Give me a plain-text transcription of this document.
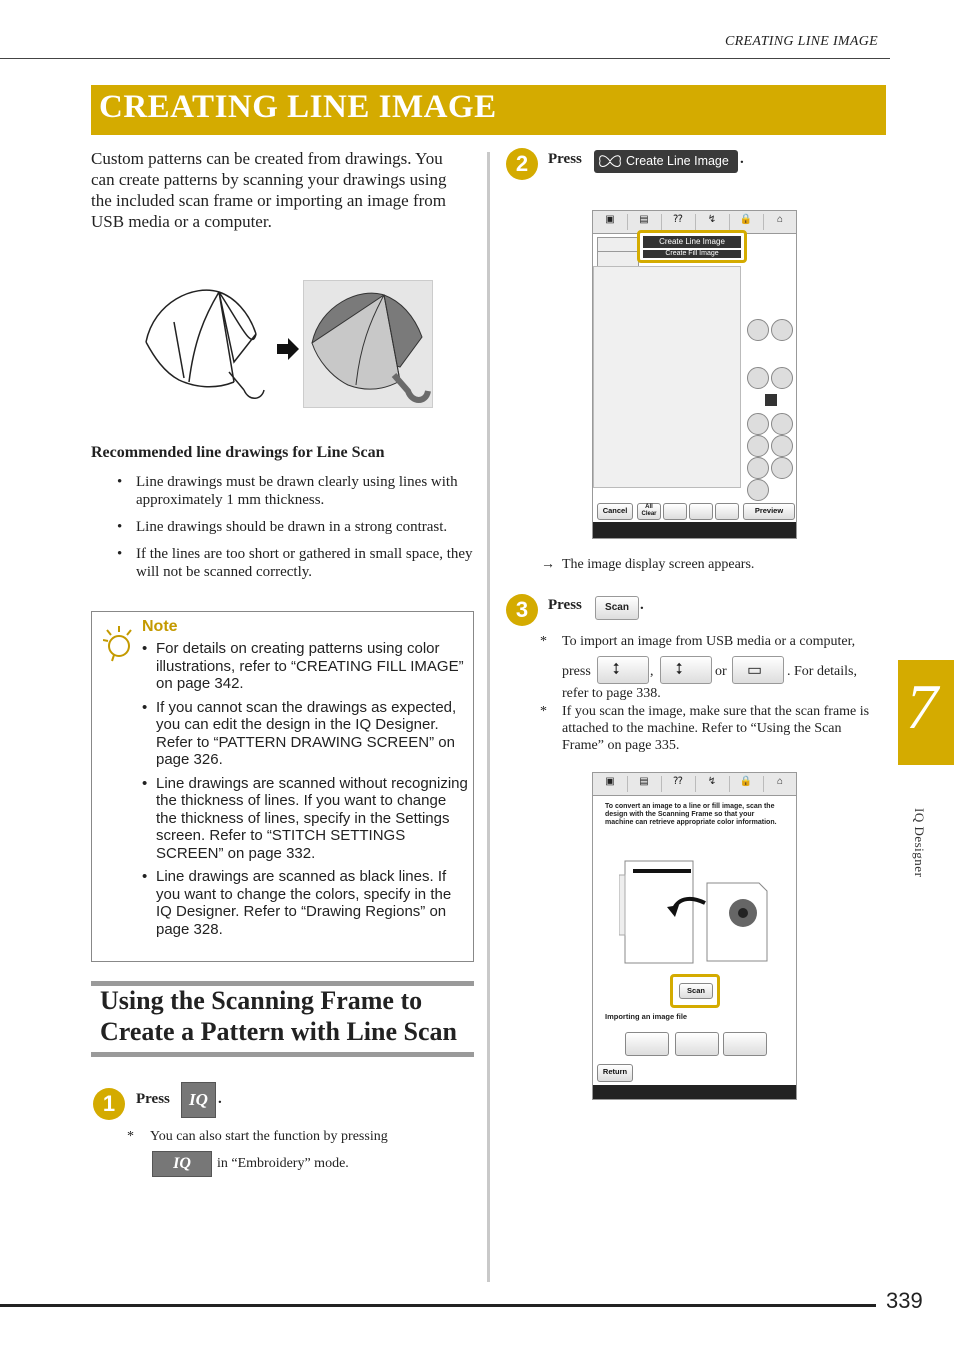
CREATING LINE IMAGE
CREATING LINE IMAGE
Custom patterns can be created from drawings. You can create patterns by scanning your drawings using the included scan frame or importing an image from USB media or a computer.
Recommended line drawings for Line Scan
• Line drawings must be drawn clearly using lines with approximately 1 mm thickness.
• Line drawings should be drawn in a strong contrast.
• If the lines are too short or gathered in small space, they will not be scanned correctly.
Note
• For details on creating patterns using color illustrations, refer to “CREATING FILL IMAGE” on page 342.
• If you cannot scan the drawings as expected, you can edit the design in the IQ Designer. Refer to “PATTERN DRAWING SCREEN” on page 326.
• Line drawings are scanned without recognizing the thickness of lines. If you want to change the thickness of lines, specify in the Settings screen. Refer to “STITCH SETTINGS SCREEN” on page 332.
• Line drawings are scanned as black lines. If you want to change the colors, specify in the IQ Designer. Refer to “Drawing Regions” on page 328.
Using the Scanning Frame to Create a Pattern with Line Scan
1	Press	IQ .
* You can also start the function by pressing
IQ	in “Embroidery” mode.
2	Press	Create Line Image .
▣	▤	⁇	↯	🔒	⌂
Create Line Image
Create Fill Image
Cancel	All Clear	Preview
→ The image display screen appears.
3	Press	Scan .
* To import an image from USB media or a computer,
press ⭥ , ⭥ or ▭ . For details,
refer to page 338.
* If you scan the image, make sure that the scan frame is attached to the machine. Refer to “Using the Scan Frame” on page 335.
▣	▤	⁇	↯	🔒	⌂
To convert an image to a line or fill image, scan the design with the Scanning Frame so that your machine can retrieve appropriate color information.
Scan
Importing an image file
Return
7
IQ Designer
339
